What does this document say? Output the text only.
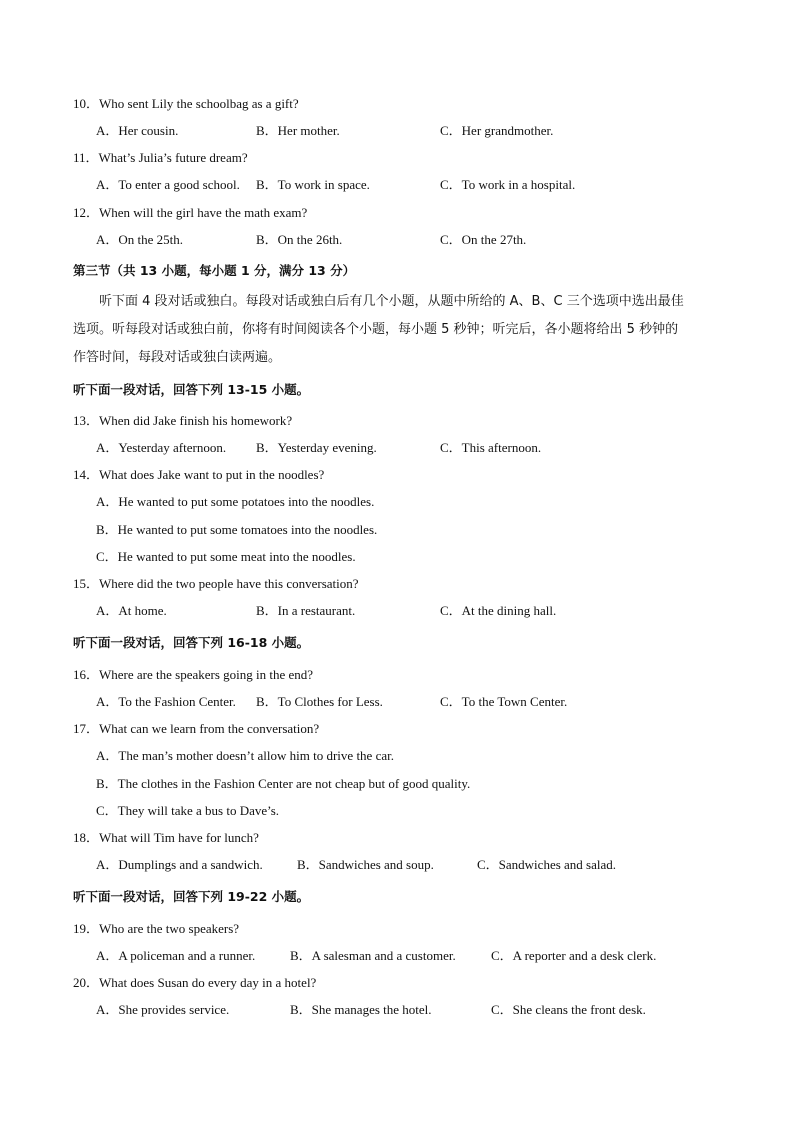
10．Who sent Lily the schoolbag as a gift?
A．Her cousin.	B．Her mother.	C．Her grandmother.
11．What’s Julia’s future dream?
A．To enter a good school. B．To work in space.	C．To work in a hospital.
12．When will the girl have the math exam?
A．On the 25th.	B．On the 26th.	C．On the 27th.
第三节（共 13 小题，每小题 1 分，满分 13 分）
听下面 4 段对话或独白。每段对话或独白后有几个小题，从题中所给的 A、B、C 三个选项中选出最佳
选项。听每段对话或独白前，你将有时间阅读各个小题，每小题 5 秒钟；听完后，各小题将给出 5 秒钟的
作答时间，每段对话或独白读两遍。
听下面一段对话，回答下列 13-15 小题。
13．When did Jake finish his homework?
A．Yesterday afternoon. B．Yesterday evening.	C．This afternoon.
14．What does Jake want to put in the noodles?
A．He wanted to put some potatoes into the noodles.
B．He wanted to put some tomatoes into the noodles.
C．He wanted to put some meat into the noodles.
15．Where did the two people have this conversation?
A．At home.	B．In a restaurant.	C．At the dining hall.
听下面一段对话，回答下列 16-18 小题。
16．Where are the speakers going in the end?
A．To the Fashion Center. B．To Clothes for Less.	C．To the Town Center.
17．What can we learn from the conversation?
A．The man’s mother doesn’t allow him to drive the car.
B．The clothes in the Fashion Center are not cheap but of good quality.
C．They will take a bus to Dave’s.
18．What will Tim have for lunch?
A．Dumplings and a sandwich.	B．Sandwiches and soup.	C．Sandwiches and salad.
听下面一段对话，回答下列 19-22 小题。
19．Who are the two speakers?
A．A policeman and a runner.	B．A salesman and a customer.	C．A reporter and a desk clerk.
20．What does Susan do every day in a hotel?
A．She provides service.	B．She manages the hotel.	C．She cleans the front desk.
